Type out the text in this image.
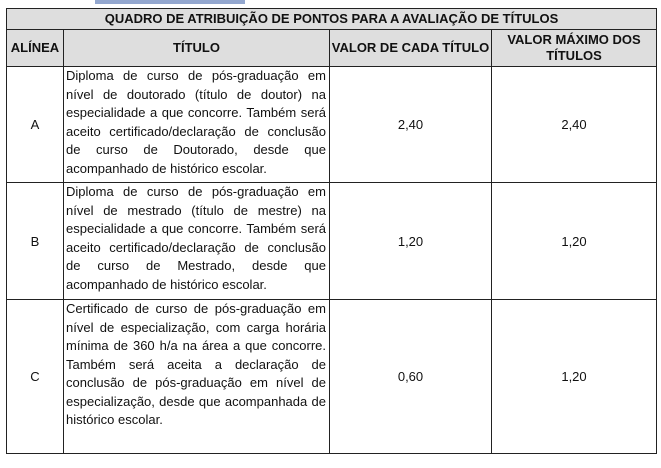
QUADRO DE ATRIBUIÇÃO DE PONTOS PARA A AVALIAÇÃO DE TÍTULOS			
ALÍNEA	TÍTULO	VALOR DE CADA TÍTULO	VALOR MÁXIMO DOS TÍTULOS
A	Diploma de curso de pós-graduação em nível de doutorado (título de doutor) na especialidade a que concorre. Também será aceito certificado/declaração de conclusão de curso de Doutorado, desde que acompanhado de histórico escolar.	2,40	2,40
B	Diploma de curso de pós-graduação em nível de mestrado (título de mestre) na especialidade a que concorre. Também será aceito certificado/declaração de conclusão de curso de Mestrado, desde que acompanhado de histórico escolar.	1,20	1,20
C	Certificado de curso de pós-graduação em nível de especialização, com carga horária mínima de 360 h/a na área a que concorre. Também será aceita a declaração de conclusão de pós-graduação em nível de especialização, desde que acompanhada de histórico escolar.	0,60	1,20
